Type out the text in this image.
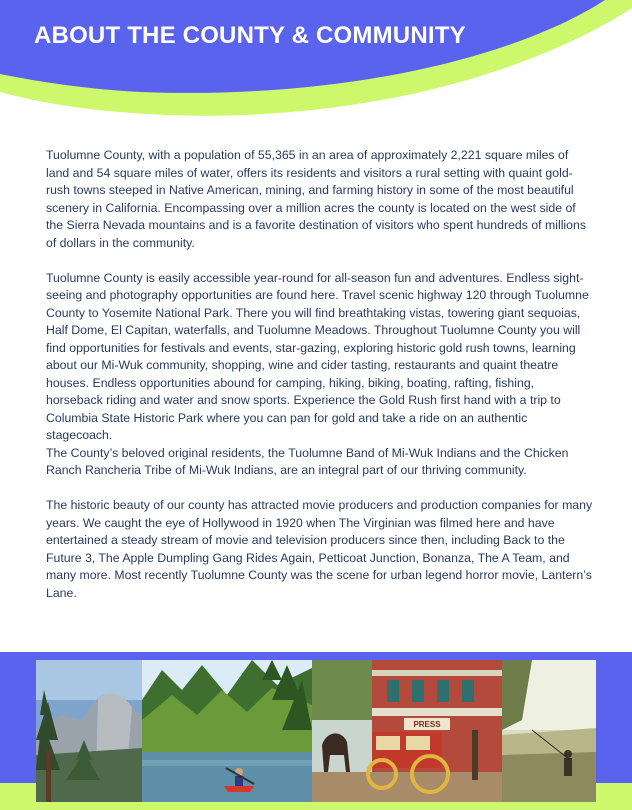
ABOUT THE COUNTY & COMMUNITY

Tuolumne County, with a population of 55,365 in an area of approximately 2,221 square miles of land and 54 square miles of water, offers its residents and visitors a rural setting with quaint gold-rush towns steeped in Native American, mining, and farming history in some of the most beautiful scenery in California. Encompassing over a million acres the county is located on the west side of the Sierra Nevada mountains and is a favorite destination of visitors who spent hundreds of millions of dollars in the community.

Tuolumne County is easily accessible year-round for all-season fun and adventures. Endless sight-seeing and photography opportunities are found here. Travel scenic highway 120 through Tuolumne County to Yosemite National Park. There you will find breathtaking vistas, towering giant sequoias, Half Dome, El Capitan, waterfalls, and Tuolumne Meadows. Throughout Tuolumne County you will find opportunities for festivals and events, star-gazing, exploring historic gold rush towns, learning about our Mi-Wuk community, shopping, wine and cider tasting, restaurants and quaint theatre houses. Endless opportunities abound for camping, hiking, biking, boating, rafting, fishing, horseback riding and water and snow sports. Experience the Gold Rush first hand with a trip to Columbia State Historic Park where you can pan for gold and take a ride on an authentic stagecoach.

The County’s beloved original residents, the Tuolumne Band of Mi-Wuk Indians and the Chicken Ranch Rancheria Tribe of Mi-Wuk Indians, are an integral part of our thriving community.

The historic beauty of our county has attracted movie producers and production companies for many years. We caught the eye of Hollywood in 1920 when The Virginian was filmed here and have entertained a steady stream of movie and television producers since then, including Back to the Future 3, The Apple Dumpling Gang Rides Again, Petticoat Junction, Bonanza, The A Team, and many more. Most recently Tuolumne County was the scene for urban legend horror movie, Lantern’s Lane.

PRESS
